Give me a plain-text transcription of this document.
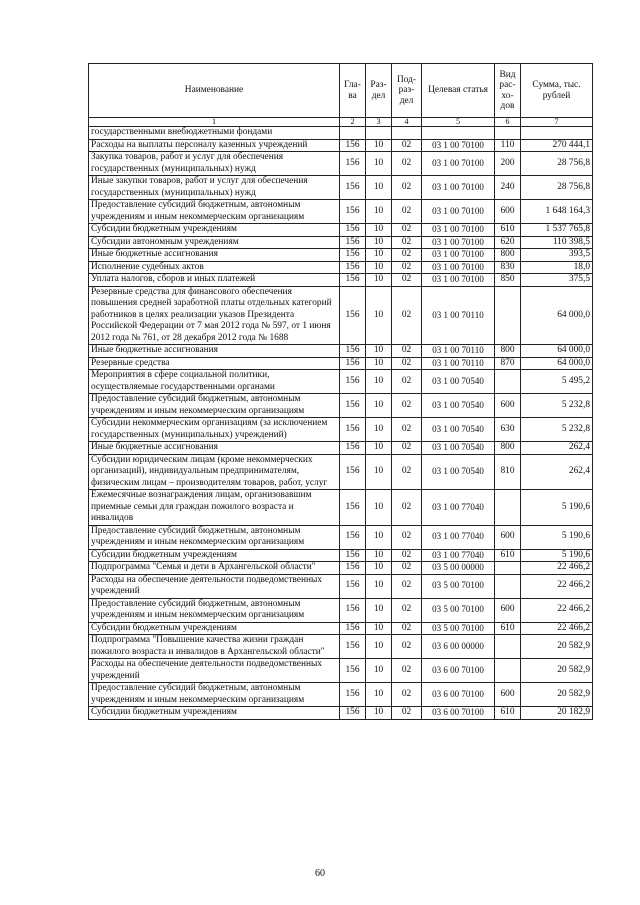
Наименование	Гла-ва	Раз-дел	Под-раз-дел	Целевая статья	Вид рас-хо-дов	Сумма, тыс. рублей
1	2	3	4	5	6	7
государственными внебюджетными фондами						
Расходы на выплаты персоналу казенных учреждений	156	10	02	03 1 00 70100	110	270 444,1
Закупка товаров, работ и услуг для обеспечения государственных (муниципальных) нужд	156	10	02	03 1 00 70100	200	28 756,8
Иные закупки товаров, работ и услуг для обеспечения государственных (муниципальных) нужд	156	10	02	03 1 00 70100	240	28 756,8
Предоставление субсидий бюджетным, автономным учреждениям и иным некоммерческим организациям	156	10	02	03 1 00 70100	600	1 648 164,3
Субсидии бюджетным учреждениям	156	10	02	03 1 00 70100	610	1 537 765,8
Субсидии автономным учреждениям	156	10	02	03 1 00 70100	620	110 398,5
Иные бюджетные ассигнования	156	10	02	03 1 00 70100	800	393,5
Исполнение судебных актов	156	10	02	03 1 00 70100	830	18,0
Уплата налогов, сборов и иных платежей	156	10	02	03 1 00 70100	850	375,5
Резервные средства для финансового обеспечения повышения средней заработной платы отдельных категорий работников в целях реализации указов Президента Российской Федерации от 7 мая 2012 года № 597, от 1 июня 2012 года № 761, от 28 декабря 2012 года № 1688	156	10	02	03 1 00 70110		64 000,0
Иные бюджетные ассигнования	156	10	02	03 1 00 70110	800	64 000,0
Резервные средства	156	10	02	03 1 00 70110	870	64 000,0
Мероприятия в сфере социальной политики, осуществляемые государственными органами	156	10	02	03 1 00 70540		5 495,2
Предоставление субсидий бюджетным, автономным учреждениям и иным некоммерческим организациям	156	10	02	03 1 00 70540	600	5 232,8
Субсидии некоммерческим организациям (за исключением государственных (муниципальных) учреждений)	156	10	02	03 1 00 70540	630	5 232,8
Иные бюджетные ассигнования	156	10	02	03 1 00 70540	800	262,4
Субсидии юридическим лицам (кроме некоммерческих организаций), индивидуальным предпринимателям, физическим лицам – производителям товаров, работ, услуг	156	10	02	03 1 00 70540	810	262,4
Ежемесячные вознаграждения лицам, организовавшим приемные семьи для граждан пожилого возраста и инвалидов	156	10	02	03 1 00 77040		5 190,6
Предоставление субсидий бюджетным, автономным учреждениям и иным некоммерческим организациям	156	10	02	03 1 00 77040	600	5 190,6
Субсидии бюджетным учреждениям	156	10	02	03 1 00 77040	610	5 190,6
Подпрограмма "Семья и дети в Архангельской области"	156	10	02	03 5 00 00000		22 466,2
Расходы на обеспечение деятельности подведомственных учреждений	156	10	02	03 5 00 70100		22 466,2
Предоставление субсидий бюджетным, автономным учреждениям и иным некоммерческим организациям	156	10	02	03 5 00 70100	600	22 466,2
Субсидии бюджетным учреждениям	156	10	02	03 5 00 70100	610	22 466,2
Подпрограмма "Повышение качества жизни граждан пожилого возраста и инвалидов в Архангельской области"	156	10	02	03 6 00 00000		20 582,9
Расходы на обеспечение деятельности подведомственных учреждений	156	10	02	03 6 00 70100		20 582,9
Предоставление субсидий бюджетным, автономным учреждениям и иным некоммерческим организациям	156	10	02	03 6 00 70100	600	20 582,9
Субсидии бюджетным учреждениям	156	10	02	03 6 00 70100	610	20 182,9
60
